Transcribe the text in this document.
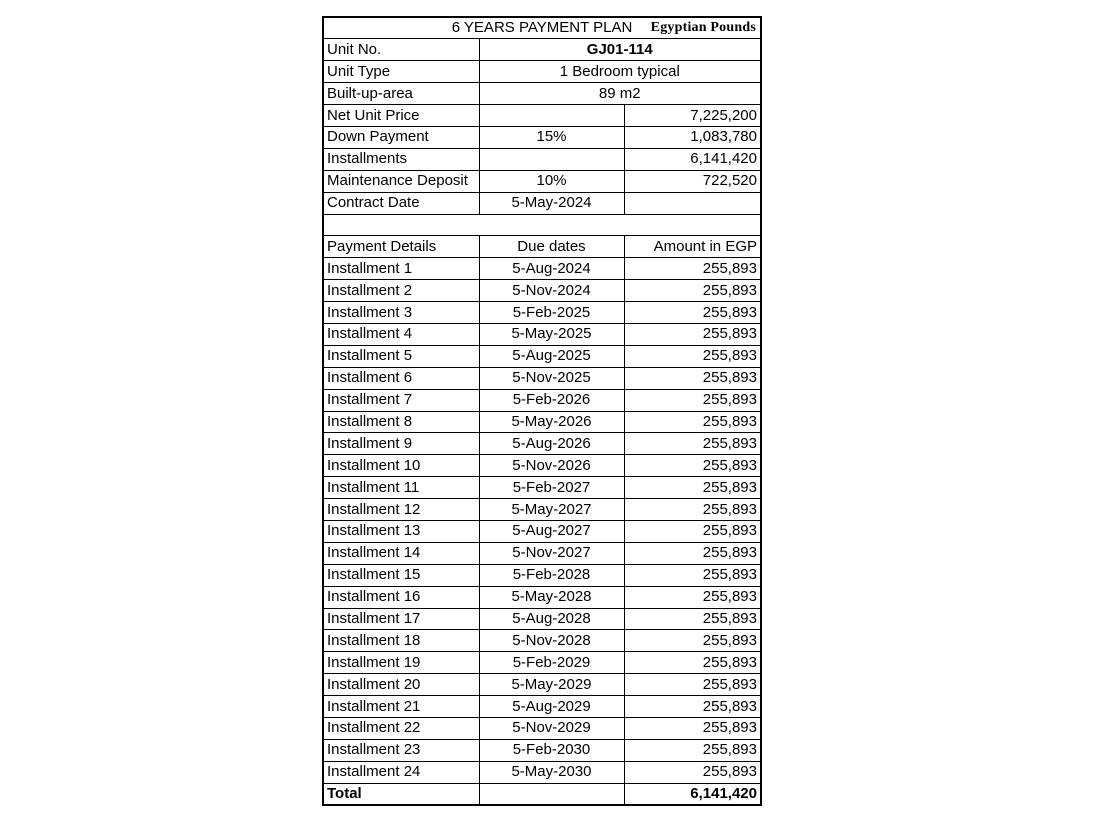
6 YEARS PAYMENT PLAN Egyptian Pounds		

Unit No.	GJ01-114	
Unit Type	1 Bedroom typical	
Built-up-area	89 m2	
Net Unit Price		7,225,200
Down Payment	15%	1,083,780
Installments		6,141,420
Maintenance Deposit	10%	722,520
Contract Date	5-May-2024	

Payment Details	Due dates	Amount in EGP
Installment 1	5-Aug-2024	255,893
Installment 2	5-Nov-2024	255,893
Installment 3	5-Feb-2025	255,893
Installment 4	5-May-2025	255,893
Installment 5	5-Aug-2025	255,893
Installment 6	5-Nov-2025	255,893
Installment 7	5-Feb-2026	255,893
Installment 8	5-May-2026	255,893
Installment 9	5-Aug-2026	255,893
Installment 10	5-Nov-2026	255,893
Installment 11	5-Feb-2027	255,893
Installment 12	5-May-2027	255,893
Installment 13	5-Aug-2027	255,893
Installment 14	5-Nov-2027	255,893
Installment 15	5-Feb-2028	255,893
Installment 16	5-May-2028	255,893
Installment 17	5-Aug-2028	255,893
Installment 18	5-Nov-2028	255,893
Installment 19	5-Feb-2029	255,893
Installment 20	5-May-2029	255,893
Installment 21	5-Aug-2029	255,893
Installment 22	5-Nov-2029	255,893
Installment 23	5-Feb-2030	255,893
Installment 24	5-May-2030	255,893
Total		6,141,420
